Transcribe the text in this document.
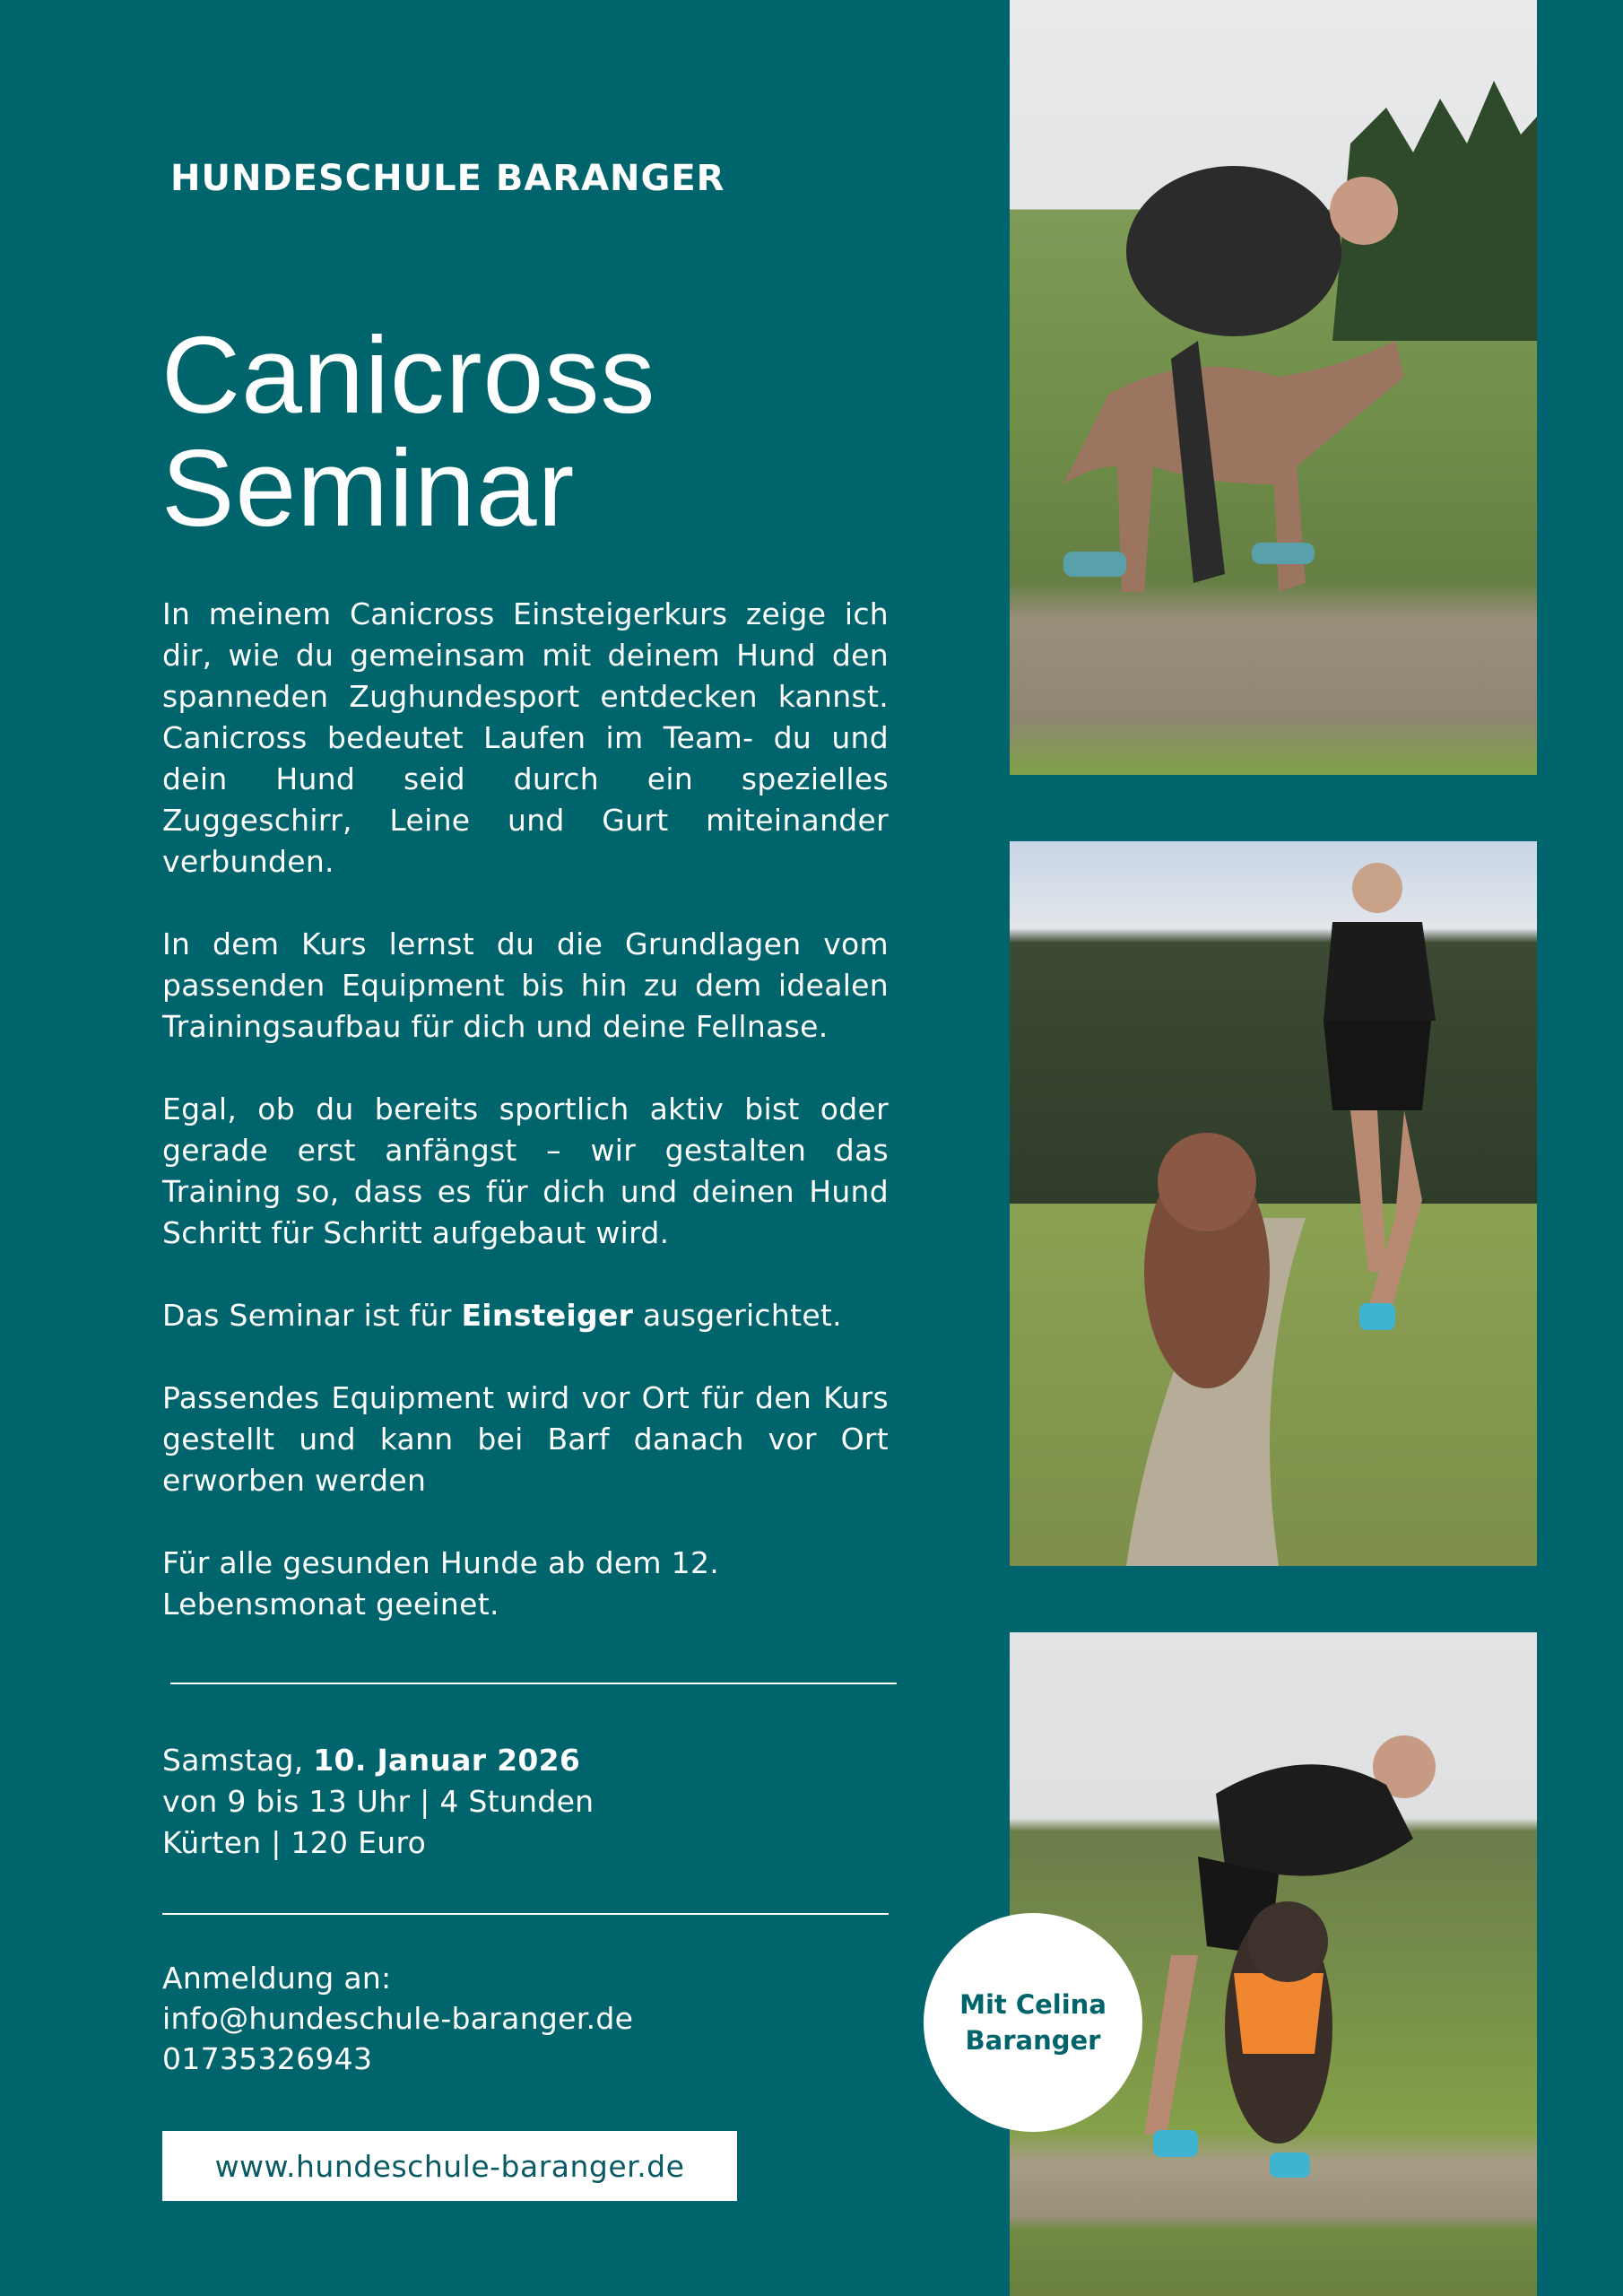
HUNDESCHULE BARANGER
Canicross
Seminar

In meinem Canicross Einsteigerkurs zeige ich dir, wie du gemeinsam mit deinem Hund den spanneden Zughundesport entdecken kannst. Canicross bedeutet Laufen im Team- du und dein Hund seid durch ein spezielles Zuggeschirr, Leine und Gurt miteinander verbunden.

In dem Kurs lernst du die Grundlagen vom passenden Equipment bis hin zu dem idealen Trainingsaufbau für dich und deine Fellnase.

Egal, ob du bereits sportlich aktiv bist oder gerade erst anfängst – wir gestalten das Training so, dass es für dich und deinen Hund Schritt für Schritt aufgebaut wird.

Das Seminar ist für Einsteiger ausgerichtet.

Passendes Equipment wird vor Ort für den Kurs gestellt und kann bei Barf danach vor Ort erworben werden

Für alle gesunden Hunde ab dem 12.
Lebensmonat geeinet.

Samstag, 10. Januar 2026
von 9 bis 13 Uhr | 4 Stunden
Kürten | 120 Euro
Anmeldung an:
info@hundeschule-baranger.de
01735326943
www.hundeschule-baranger.de
Mit Celina
Baranger
